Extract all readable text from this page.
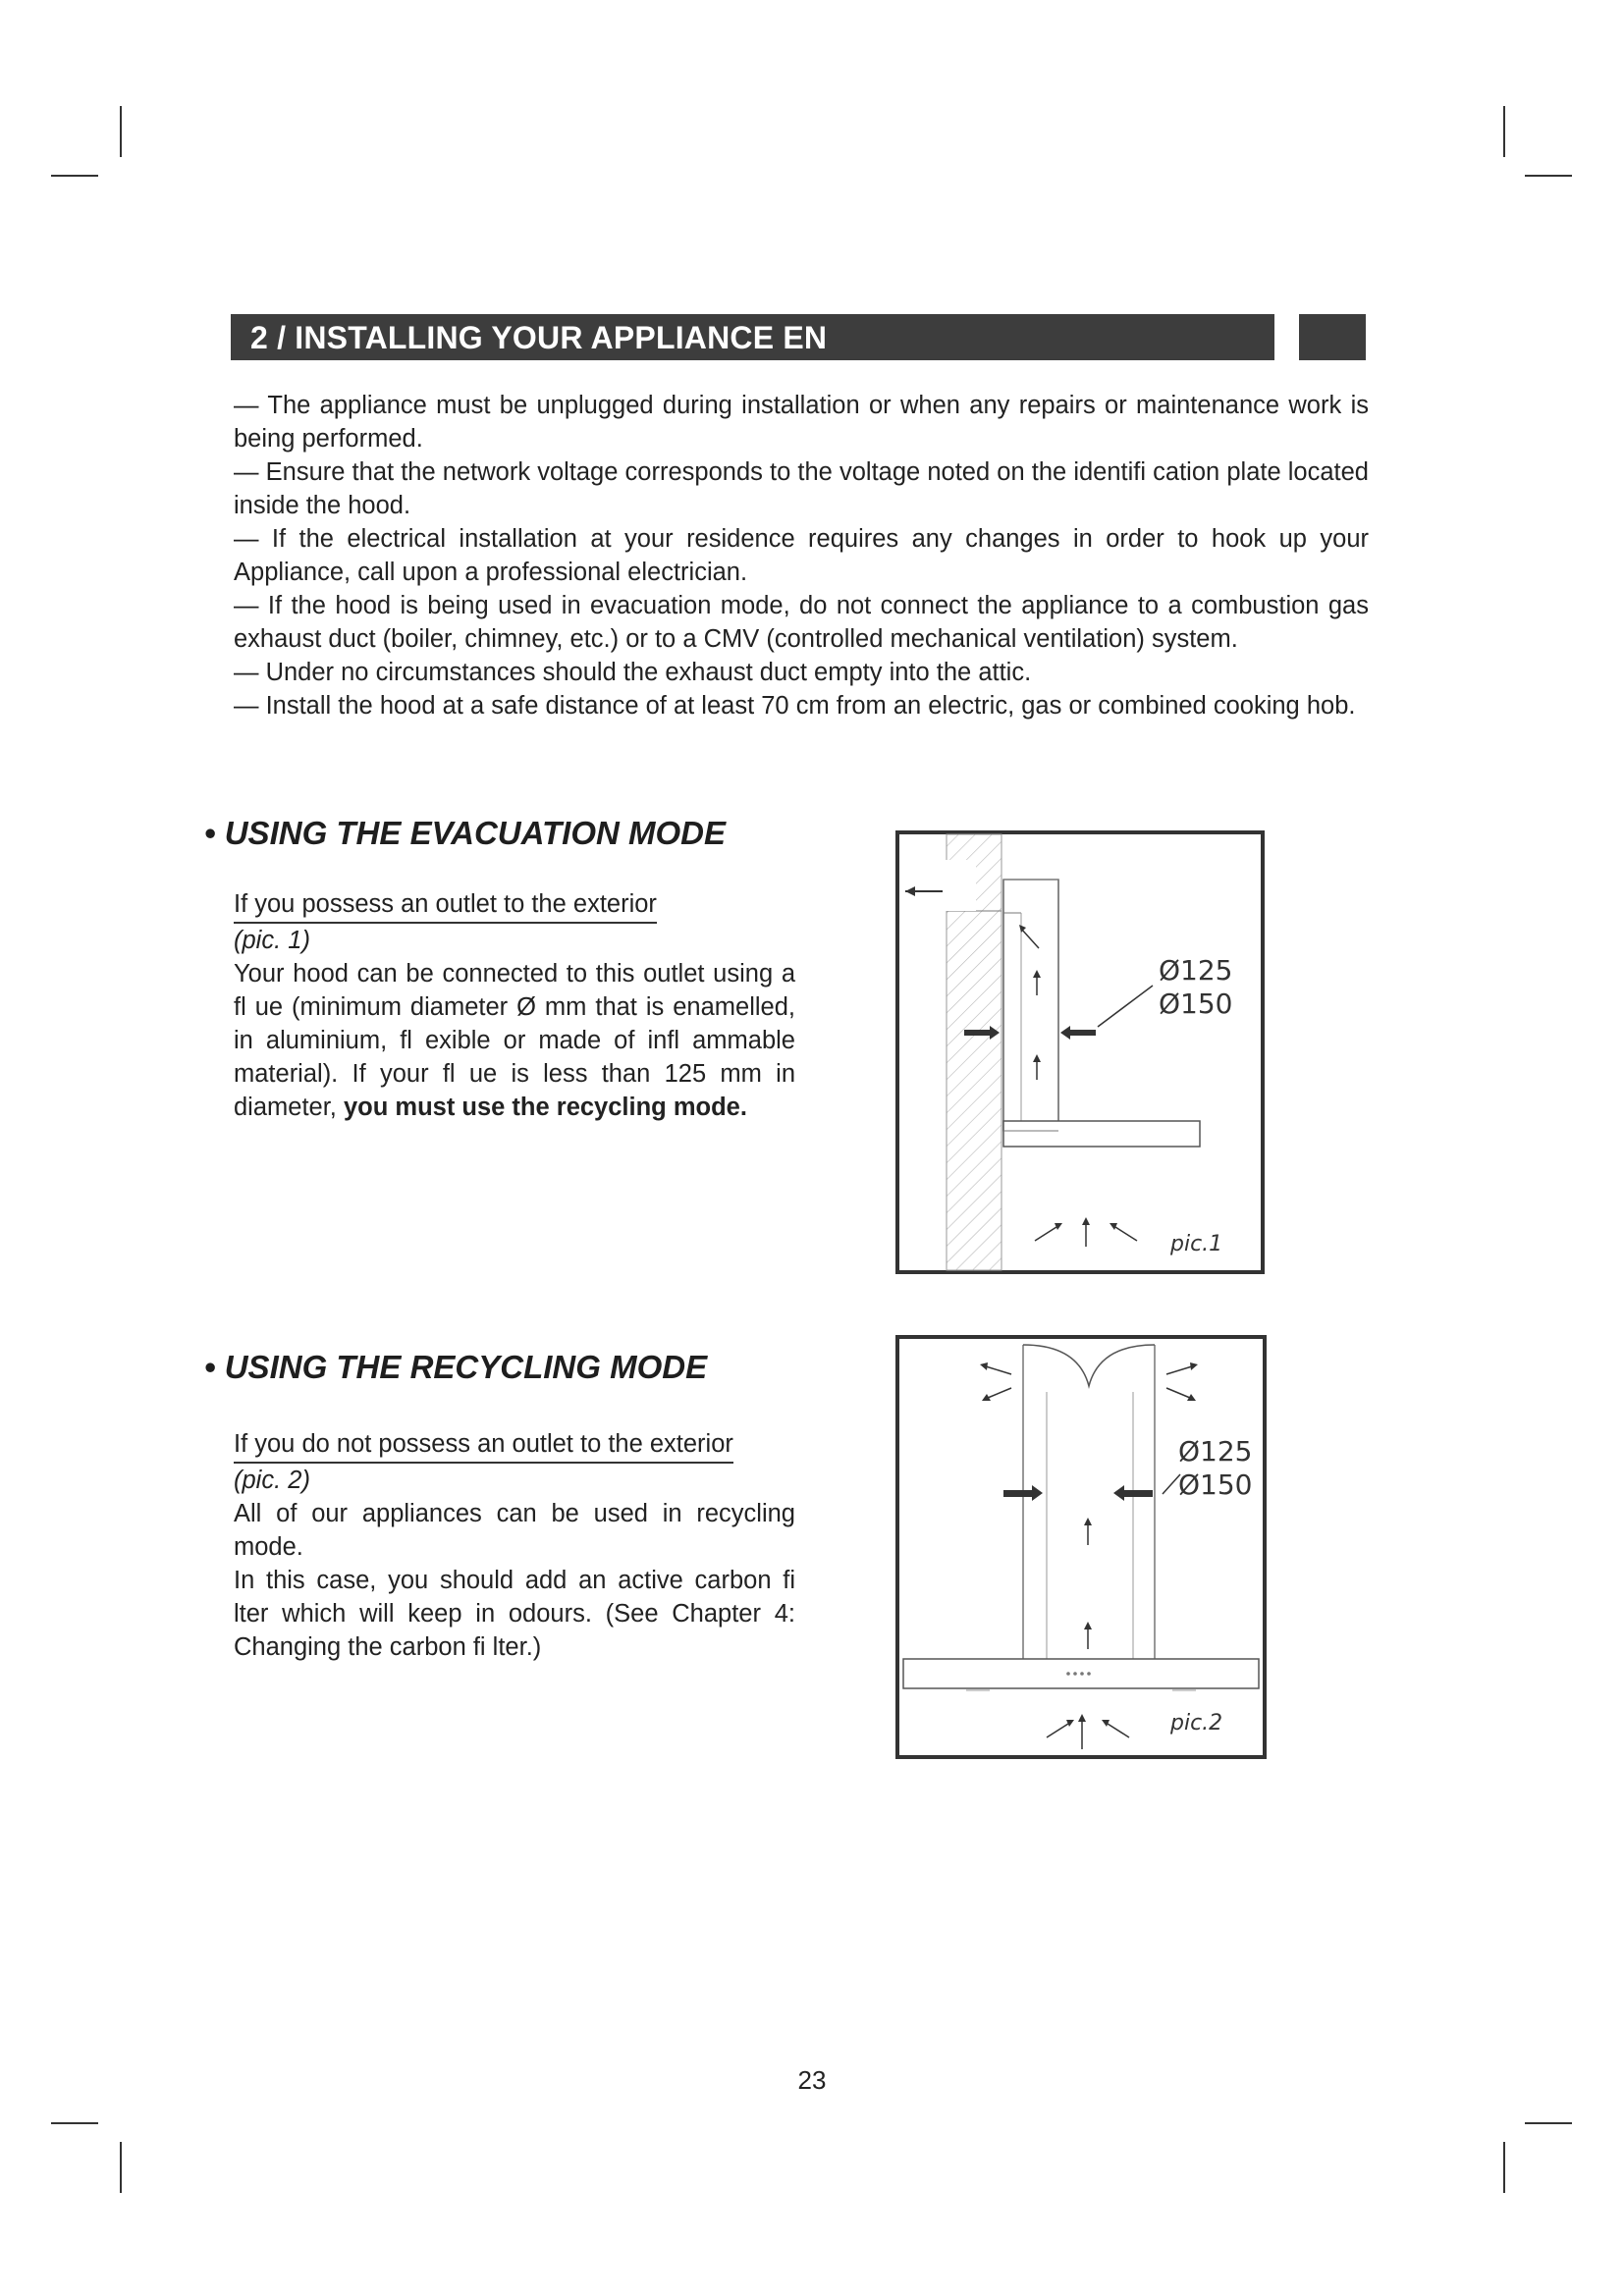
2 / INSTALLING YOUR APPLIANCE EN

— The appliance must be unplugged during installation or when any repairs or maintenance work is being performed.

— Ensure that the network voltage corresponds to the voltage noted on the identifi cation plate located inside the hood.

— If the electrical installation at your residence requires any changes in order to hook up your Appliance, call upon a professional electrician.

— If the hood is being used in evacuation mode, do not connect the appliance to a combustion gas exhaust duct (boiler, chimney, etc.) or to a CMV (controlled mechanical ventilation) system.

— Under no circumstances should the exhaust duct empty into the attic.

— Install the hood at a safe distance of at least 70 cm from an electric, gas or combined cooking hob.

• USING THE EVACUATION MODE

If you possess an outlet to the exterior

(pic. 1)

Your hood can be connected to this outlet using a fl ue (minimum diameter Ø mm that is enamelled, in aluminium, fl exible or made of infl ammable material). If your fl ue is less than 125 mm in diameter, you must use the recycling mode.

Ø125
Ø150
pic.1
• USING THE RECYCLING MODE

If you do not possess an outlet to the exterior

(pic. 2)

All of our appliances can be used in recycling mode.

In this case, you should add an active carbon fi lter which will keep in odours. (See Chapter 4: Changing the carbon fi lter.)

Ø125
Ø150
pic.2
23
